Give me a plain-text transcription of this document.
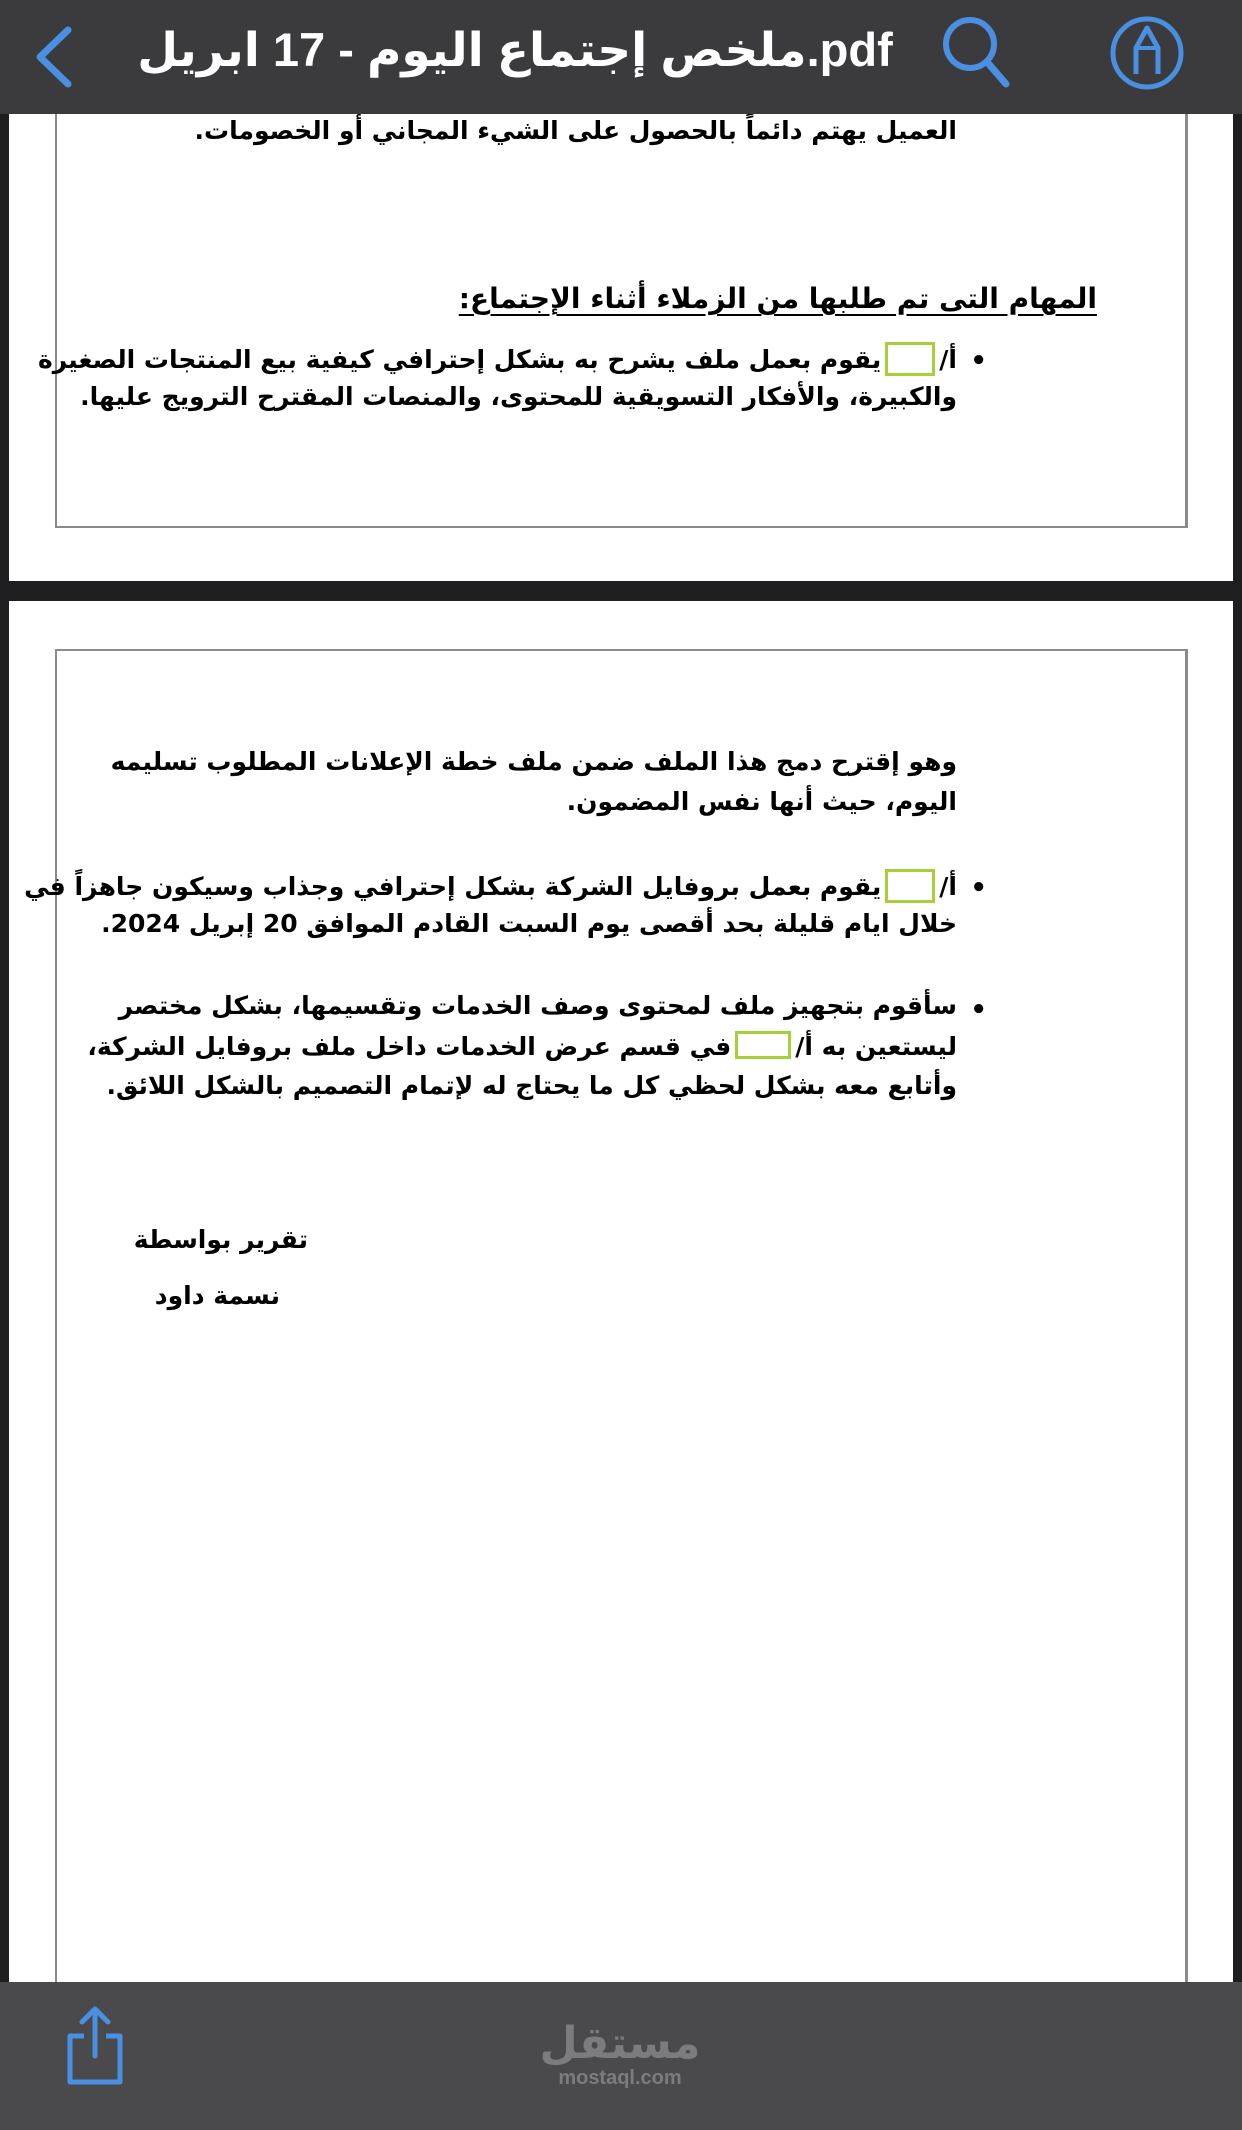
ملخص إجتماع اليوم - 17 ابريل.pdf
العميل يهتم دائماً بالحصول على الشيء المجاني أو الخصومات.
المهام التى تم طلبها من الزملاء أثناء الإجتماع:
•
أ/يقوم بعمل ملف يشرح به بشكل إحترافي كيفية بيع المنتجات الصغيرة
والكبيرة، والأفكار التسويقية للمحتوى، والمنصات المقترح الترويج عليها.
وهو إقترح دمج هذا الملف ضمن ملف خطة الإعلانات المطلوب تسليمه
اليوم، حيث أنها نفس المضمون.
•
أ/يقوم بعمل بروفايل الشركة بشكل إحترافي وجذاب وسيكون جاهزاً في
خلال ايام قليلة بحد أقصى يوم السبت القادم الموافق 20 إبريل 2024.
•
سأقوم بتجهيز ملف لمحتوى وصف الخدمات وتقسيمها، بشكل مختصر
ليستعين به أ/في قسم عرض الخدمات داخل ملف بروفايل الشركة،
وأتابع معه بشكل لحظي كل ما يحتاج له لإتمام التصميم بالشكل اللائق.
تقرير بواسطة
نسمة داود
مستقل
mostaql.com
